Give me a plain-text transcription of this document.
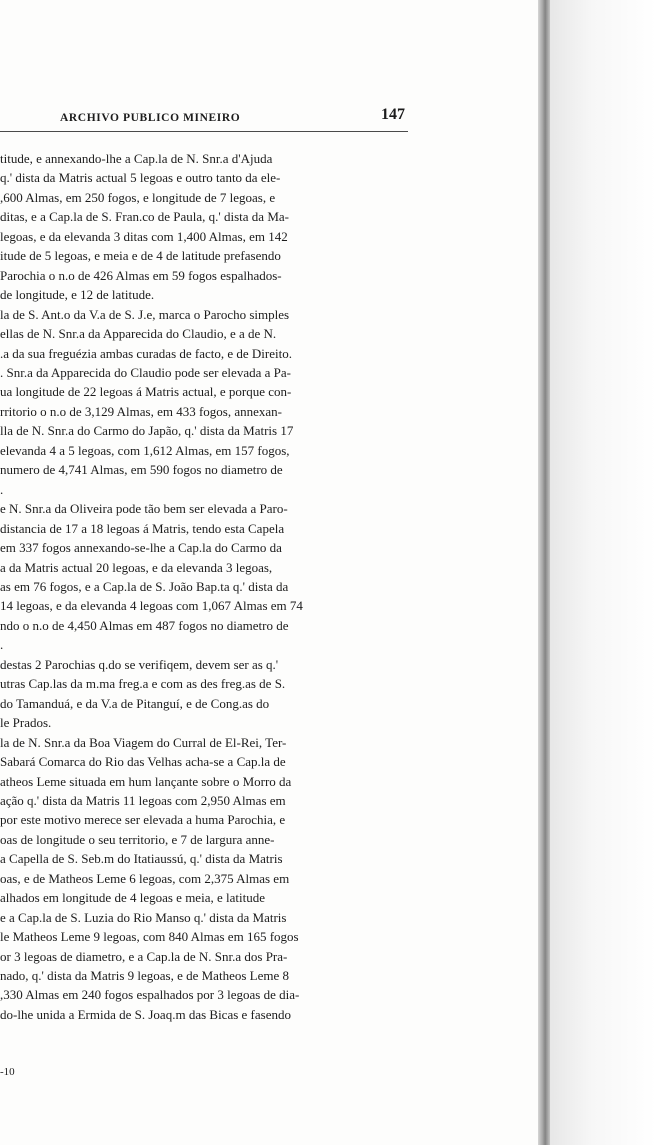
ARCHIVO PUBLICO MINEIRO	147
titude, e annexando-lhe a Cap.la de N. Snr.a d'Ajuda
q.' dista da Matris actual 5 legoas e outro tanto da ele-
,600 Almas, em 250 fogos, e longitude de 7 legoas, e
ditas, e a Cap.la de S. Fran.co de Paula, q.' dista da Ma-
legoas, e da elevanda 3 ditas com 1,400 Almas, em 142
itude de 5 legoas, e meia e de 4 de latitude prefasendo
Parochia o n.o de 426 Almas em 59 fogos espalhados-
de longitude, e 12 de latitude.
la de S. Ant.o da V.a de S. J.e, marca o Parocho simples
ellas de N. Snr.a da Apparecida do Claudio, e a de N.
.a da sua freguézia ambas curadas de facto, e de Direito.
. Snr.a da Apparecida do Claudio pode ser elevada a Pa-
ua longitude de 22 legoas á Matris actual, e porque con-
rritorio o n.o de 3,129 Almas, em 433 fogos, annexan-
lla de N. Snr.a do Carmo do Japão, q.' dista da Matris 17
elevanda 4 a 5 legoas, com 1,612 Almas, em 157 fogos,
numero de 4,741 Almas, em 590 fogos no diametro de
.
e N. Snr.a da Oliveira pode tão bem ser elevada a Paro-
distancia de 17 a 18 legoas á Matris, tendo esta Capela
em 337 fogos annexando-se-lhe a Cap.la do Carmo da
a da Matris actual 20 legoas, e da elevanda 3 legoas,
as em 76 fogos, e a Cap.la de S. João Bap.ta q.' dista da
14 legoas, e da elevanda 4 legoas com 1,067 Almas em 74
ndo o n.o de 4,450 Almas em 487 fogos no diametro de
.
destas 2 Parochias q.do se verifiqem, devem ser as q.'
utras Cap.las da m.ma freg.a e com as des freg.as de S.
do Tamanduá, e da V.a de Pitanguí, e de Cong.as do
le Prados.
la de N. Snr.a da Boa Viagem do Curral de El-Rei, Ter-
Sabará Comarca do Rio das Velhas acha-se a Cap.la de
atheos Leme situada em hum lançante sobre o Morro da
ação q.' dista da Matris 11 legoas com 2,950 Almas em
por este motivo merece ser elevada a huma Parochia, e
oas de longitude o seu territorio, e 7 de largura anne-
a Capella de S. Seb.m do Itatiaussú, q.' dista da Matris
oas, e de Matheos Leme 6 legoas, com 2,375 Almas em
alhados em longitude de 4 legoas e meia, e latitude
e a Cap.la de S. Luzia do Rio Manso q.' dista da Matris
le Matheos Leme 9 legoas, com 840 Almas em 165 fogos
or 3 legoas de diametro, e a Cap.la de N. Snr.a dos Pra-
nado, q.' dista da Matris 9 legoas, e de Matheos Leme 8
,330 Almas em 240 fogos espalhados por 3 legoas de dia-
do-lhe unida a Ermida de S. Joaq.m das Bicas e fasendo
-10
